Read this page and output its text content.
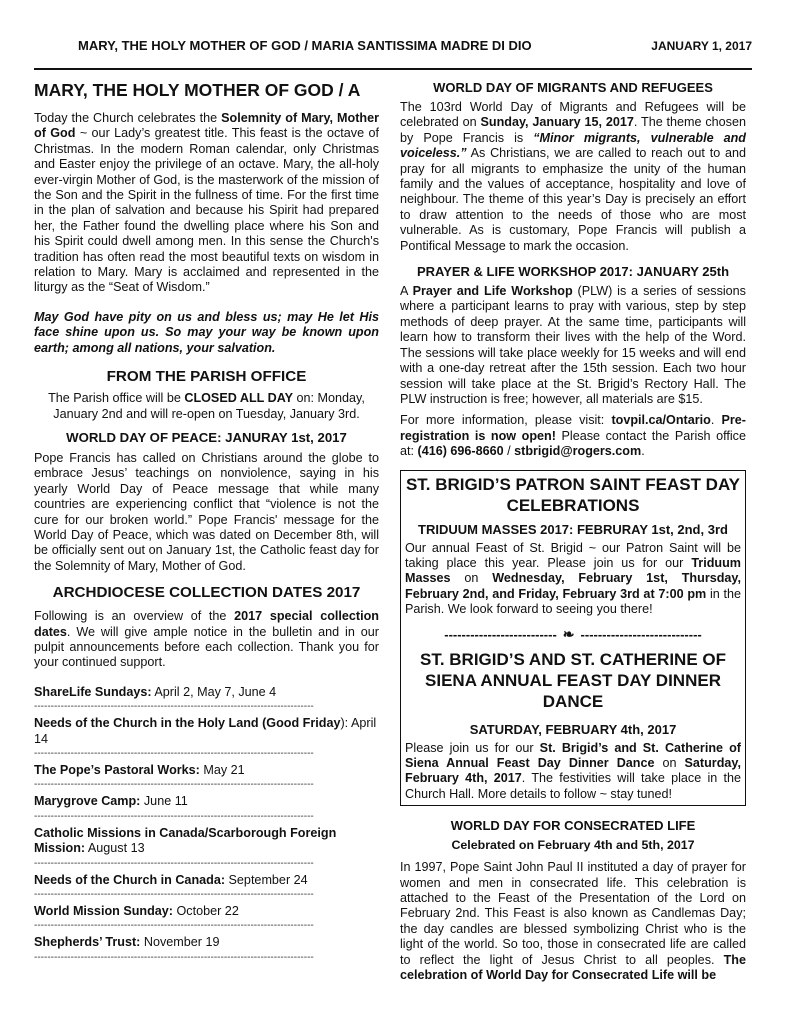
MARY, THE HOLY MOTHER OF GOD / MARIA SANTISSIMA MADRE DI DIO	JANUARY 1, 2017
MARY, THE HOLY MOTHER OF GOD / A

Today the Church celebrates the Solemnity of Mary, Mother of God ~ our Lady’s greatest title. This feast is the octave of Christmas. In the modern Roman calendar, only Christmas and Easter enjoy the privilege of an octave. Mary, the all-holy ever-virgin Mother of God, is the masterwork of the mission of the Son and the Spirit in the fullness of time. For the first time in the plan of salvation and because his Spirit had prepared her, the Father found the dwelling place where his Son and his Spirit could dwell among men. In this sense the Church's tradition has often read the most beautiful texts on wisdom in relation to Mary. Mary is acclaimed and represented in the liturgy as the “Seat of Wisdom.”

May God have pity on us and bless us; may He let His face shine upon us. So may your way be known upon earth; among all nations, your salvation.

FROM THE PARISH OFFICE

The Parish office will be CLOSED ALL DAY on: Monday, January 2nd and will re-open on Tuesday, January 3rd.

WORLD DAY OF PEACE: JANURAY 1st, 2017

Pope Francis has called on Christians around the globe to embrace Jesus’ teachings on nonviolence, saying in his yearly World Day of Peace message that while many countries are experiencing conflict that “violence is not the cure for our broken world.” Pope Francis' message for the World Day of Peace, which was dated on December 8th, will be officially sent out on January 1st, the Catholic feast day for the Solemnity of Mary, Mother of God.

ARCHDIOCESE COLLECTION DATES 2017

Following is an overview of the 2017 special collection dates. We will give ample notice in the bulletin and in our pulpit announcements before each collection. Thank you for your continued support.

ShareLife Sundays: April 2, May 7, June 4
------------------------------------------------------------------------------------
Needs of the Church in the Holy Land (Good Friday): April 14
------------------------------------------------------------------------------------
The Pope’s Pastoral Works: May 21
------------------------------------------------------------------------------------
Marygrove Camp: June 11
------------------------------------------------------------------------------------
Catholic Missions in Canada/Scarborough Foreign Mission: August 13
------------------------------------------------------------------------------------
Needs of the Church in Canada: September 24
------------------------------------------------------------------------------------
World Mission Sunday: October 22
------------------------------------------------------------------------------------
Shepherds’ Trust: November 19
------------------------------------------------------------------------------------
WORLD DAY OF MIGRANTS AND REFUGEES

The 103rd World Day of Migrants and Refugees will be celebrated on Sunday, January 15, 2017. The theme chosen by Pope Francis is “Minor migrants, vulnerable and voiceless.” As Christians, we are called to reach out to and pray for all migrants to emphasize the unity of the human family and the values of acceptance, hospitality and love of neighbour. The theme of this year’s Day is precisely an effort to draw attention to the needs of those who are most vulnerable. As is customary, Pope Francis will publish a Pontifical Message to mark the occasion.

PRAYER & LIFE WORKSHOP 2017: JANUARY 25th

A Prayer and Life Workshop (PLW) is a series of sessions where a participant learns to pray with various, step by step methods of deep prayer. At the same time, participants will learn how to transform their lives with the help of the Word. The sessions will take place weekly for 15 weeks and will end with a one-day retreat after the 15th session. Each two hour session will take place at the St. Brigid’s Rectory Hall. The PLW instruction is free; however, all materials are $15.

For more information, please visit: tovpil.ca/Ontario. Pre-registration is now open! Please contact the Parish office at: (416) 696-8660 / stbrigid@rogers.com.

ST. BRIGID’S PATRON SAINT FEAST DAY CELEBRATIONS
TRIDUUM MASSES 2017: FEBRURAY 1st, 2nd, 3rd

Our annual Feast of St. Brigid ~ our Patron Saint will be taking place this year. Please join us for our Triduum Masses on Wednesday, February 1st, Thursday, February 2nd, and Friday, February 3rd at 7:00 pm in the Parish. We look forward to seeing you there!

-------------------------- ❧ ----------------------------
ST. BRIGID’S AND ST. CATHERINE OF SIENA ANNUAL FEAST DAY DINNER DANCE
SATURDAY, FEBRUARY 4th, 2017

Please join us for our St. Brigid’s and St. Catherine of Siena Annual Feast Day Dinner Dance on Saturday, February 4th, 2017. The festivities will take place in the Church Hall. More details to follow ~ stay tuned!

WORLD DAY FOR CONSECRATED LIFE
Celebrated on February 4th and 5th, 2017

In 1997, Pope Saint John Paul II instituted a day of prayer for women and men in consecrated life. This celebration is attached to the Feast of the Presentation of the Lord on February 2nd. This Feast is also known as Candlemas Day; the day candles are blessed symbolizing Christ who is the light of the world. So too, those in consecrated life are called to reflect the light of Jesus Christ to all peoples. The celebration of World Day for Consecrated Life will be
